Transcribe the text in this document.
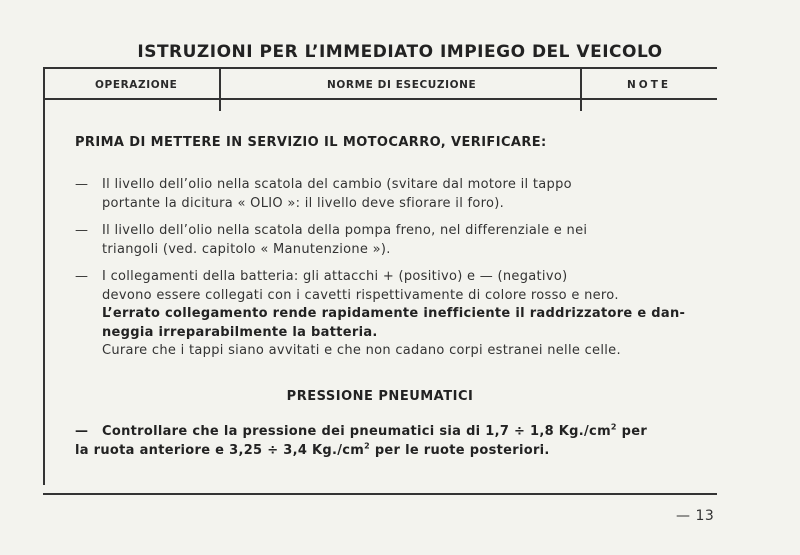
ISTRUZIONI PER L’IMMEDIATO IMPIEGO DEL VEICOLO
OPERAZIONE	NORME DI ESECUZIONE	NOTE
PRIMA DI METTERE IN SERVIZIO IL MOTOCARRO, VERIFICARE:
— Il livello dell’olio nella scatola del cambio (svitare dal motore il tappo

portante la dicitura « OLIO »: il livello deve sfiorare il foro).

— Il livello dell’olio nella scatola della pompa freno, nel differenziale e nei

triangoli (ved. capitolo « Manutenzione »).

— I collegamenti della batteria: gli attacchi + (positivo) e — (negativo)

devono essere collegati con i cavetti rispettivamente di colore rosso e nero.

L’errato collegamento rende rapidamente inefficiente il raddrizzatore e dan-

neggia irreparabilmente la batteria.

Curare che i tappi siano avvitati e che non cadano corpi estranei nelle celle.

PRESSIONE PNEUMATICI
— Controllare che la pressione dei pneumatici sia di 1,7 ÷ 1,8 $Kg./cm^2$ per

la ruota anteriore e 3,25 ÷ 3,4 $Kg./cm^2$ per le ruote posteriori.

— 13
